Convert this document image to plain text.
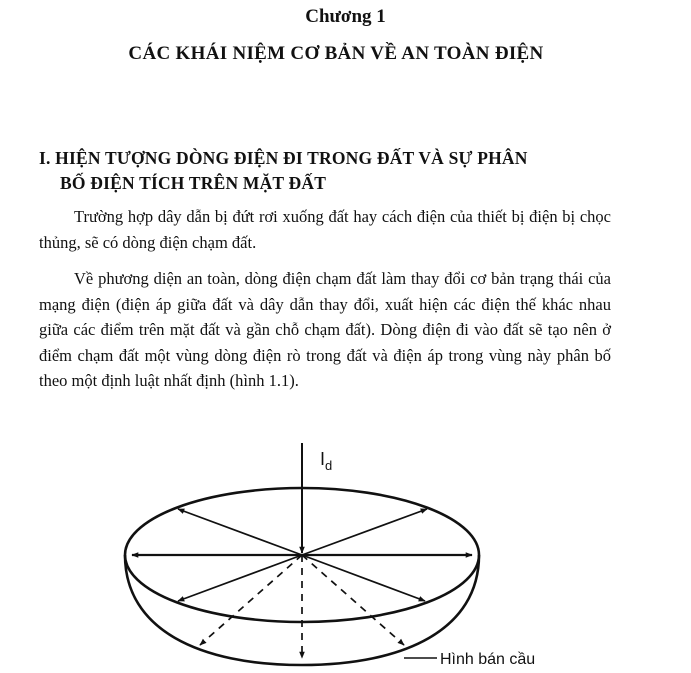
Chương 1
CÁC KHÁI NIỆM CƠ BẢN VỀ AN TOÀN ĐIỆN
I. HIỆN TƯỢNG DÒNG ĐIỆN ĐI TRONG ĐẤT VÀ SỰ PHÂN
BỐ ĐIỆN TÍCH TRÊN MẶT ĐẤT

Trường hợp dây dẫn bị đứt rơi xuống đất hay cách điện của thiết bị điện bị chọc thủng, sẽ có dòng điện chạm đất.

Về phương diện an toàn, dòng điện chạm đất làm thay đổi cơ bản trạng thái của mạng điện (điện áp giữa đất và dây dẫn thay đổi, xuất hiện các điện thế khác nhau giữa các điểm trên mặt đất và gần chỗ chạm đất). Dòng điện đi vào đất sẽ tạo nên ở điểm chạm đất một vùng dòng điện rò trong đất và điện áp trong vùng này phân bố theo một định luật nhất định (hình 1.1).

$I_d$
Hình bán cầu
